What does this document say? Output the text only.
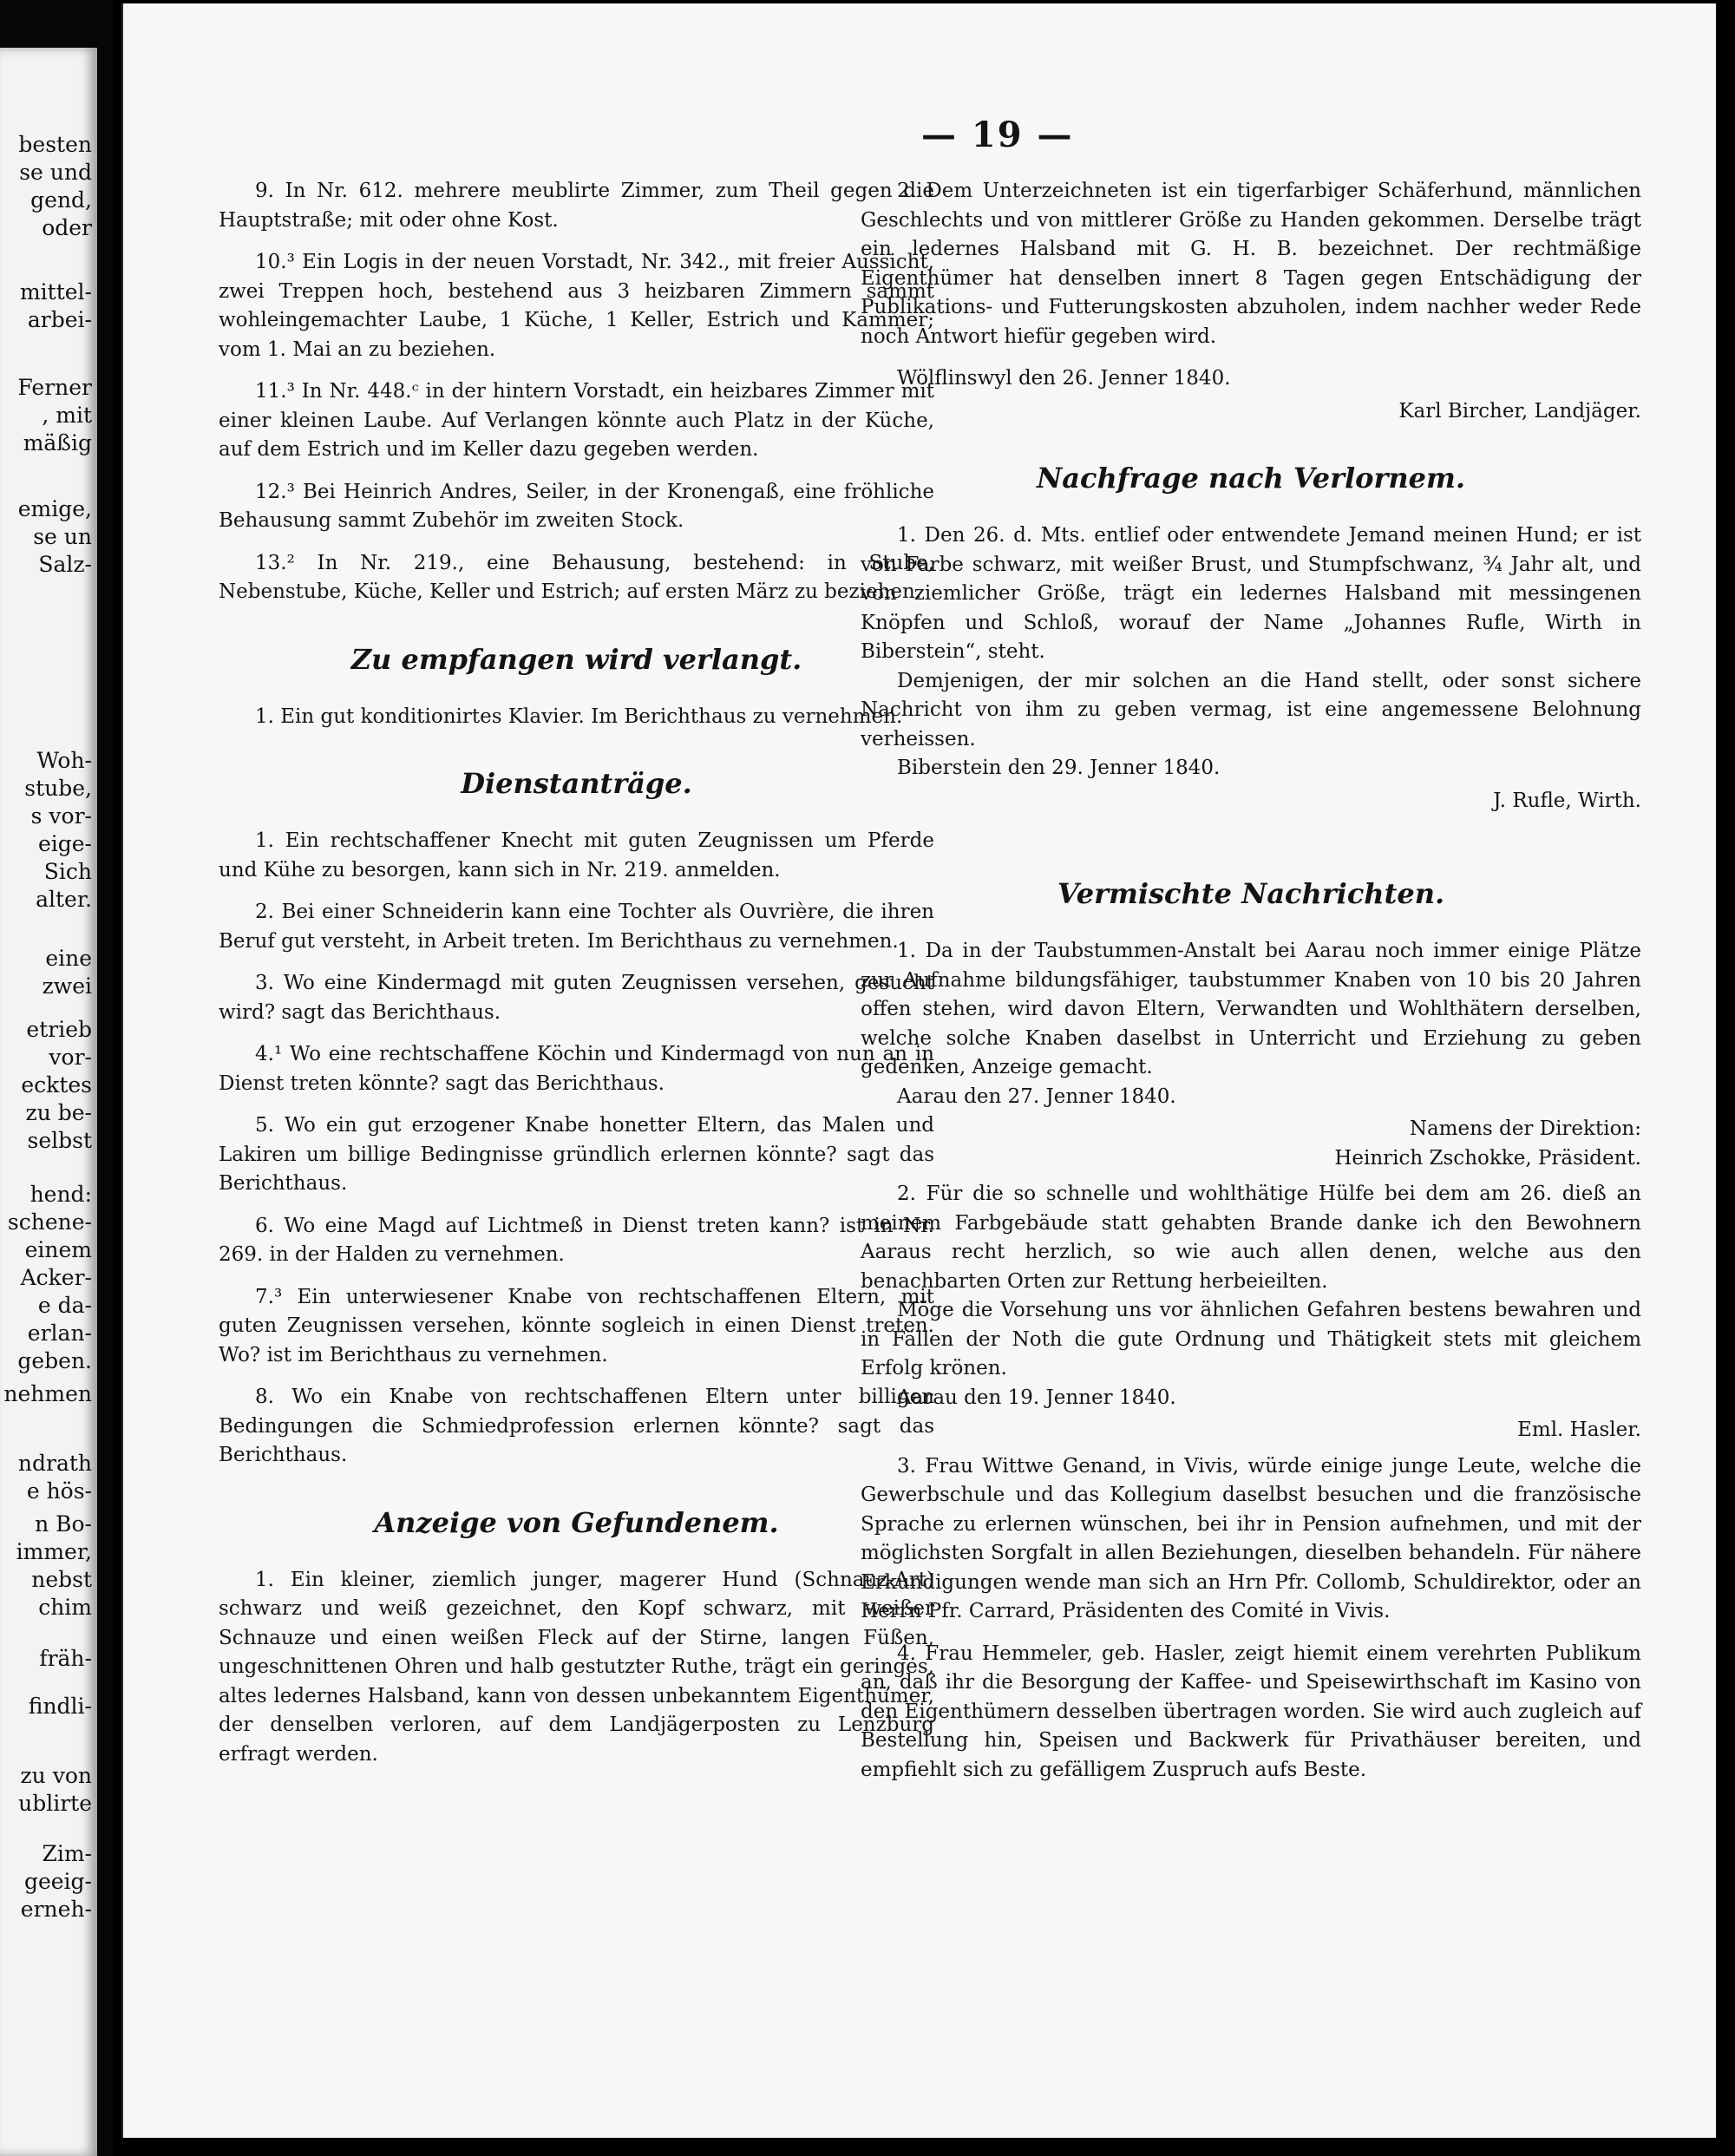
besten
se und
gend,
oder
mittel-
arbei-
Ferner
, mit
mäßig
emige,
se un
Salz-
Woh-
stube,
s vor-
eige-
Sich
alter.
eine
zwei
etrieb
vor-
ecktes
zu be-
selbst
hend:
schene-
einem
Acker-
e da-
erlan-
geben.
nehmen
ndrath
e hös-
n Bo-
immer,
nebst
chim
fräh-
findli-
zu von
ublirte
Zim-
geeig-
erneh-
— 19 —

9. In Nr. 612. mehrere meublirte Zimmer, zum Theil gegen die Hauptstraße; mit oder ohne Kost.

10.³ Ein Logis in der neuen Vorstadt, Nr. 342., mit freier Aussicht, zwei Treppen hoch, bestehend aus 3 heizbaren Zimmern sammt wohleingemachter Laube, 1 Küche, 1 Keller, Estrich und Kammer; vom 1. Mai an zu beziehen.

11.³ In Nr. 448.ᶜ in der hintern Vorstadt, ein heizbares Zimmer mit einer kleinen Laube. Auf Verlangen könnte auch Platz in der Küche, auf dem Estrich und im Keller dazu gegeben werden.

12.³ Bei Heinrich Andres, Seiler, in der Kronengaß, eine fröhliche Behausung sammt Zubehör im zweiten Stock.

13.² In Nr. 219., eine Behausung, bestehend: in Stube, Nebenstube, Küche, Keller und Estrich; auf ersten März zu beziehen.

Zu empfangen wird verlangt.

1. Ein gut konditionirtes Klavier. Im Berichthaus zu vernehmen.

Dienstanträge.

1. Ein rechtschaffener Knecht mit guten Zeugnissen um Pferde und Kühe zu besorgen, kann sich in Nr. 219. anmelden.

2. Bei einer Schneiderin kann eine Tochter als Ouvrière, die ihren Beruf gut versteht, in Arbeit treten. Im Berichthaus zu vernehmen.

3. Wo eine Kindermagd mit guten Zeugnissen versehen, gesucht wird? sagt das Berichthaus.

4.¹ Wo eine rechtschaffene Köchin und Kindermagd von nun an in Dienst treten könnte? sagt das Berichthaus.

5. Wo ein gut erzogener Knabe honetter Eltern, das Malen und Lakiren um billige Bedingnisse gründlich erlernen könnte? sagt das Berichthaus.

6. Wo eine Magd auf Lichtmeß in Dienst treten kann? ist in Nr. 269. in der Halden zu vernehmen.

7.³ Ein unterwiesener Knabe von rechtschaffenen Eltern, mit guten Zeugnissen versehen, könnte sogleich in einen Dienst treten. Wo? ist im Berichthaus zu vernehmen.

8. Wo ein Knabe von rechtschaffenen Eltern unter billigen Bedingungen die Schmiedprofession erlernen könnte? sagt das Berichthaus.

Anzeige von Gefundenem.

1. Ein kleiner, ziemlich junger, magerer Hund (Schnauz-Art) schwarz und weiß gezeichnet, den Kopf schwarz, mit weißer Schnauze und einen weißen Fleck auf der Stirne, langen Füßen, ungeschnittenen Ohren und halb gestutzter Ruthe, trägt ein geringes, altes ledernes Halsband, kann von dessen unbekanntem Eigenthümer, der denselben verloren, auf dem Landjägerposten zu Lenzburg erfragt werden.

2. Dem Unterzeichneten ist ein tigerfarbiger Schäferhund, männlichen Geschlechts und von mittlerer Größe zu Handen gekommen. Derselbe trägt ein ledernes Halsband mit G. H. B. bezeichnet. Der rechtmäßige Eigenthümer hat denselben innert 8 Tagen gegen Entschädigung der Publikations- und Futterungskosten abzuholen, indem nachher weder Rede noch Antwort hiefür gegeben wird.

Wölflinswyl den 26. Jenner 1840.

Karl Bircher, Landjäger.

Nachfrage nach Verlornem.

1. Den 26. d. Mts. entlief oder entwendete Jemand meinen Hund; er ist von Farbe schwarz, mit weißer Brust, und Stumpfschwanz, ¾ Jahr alt, und von ziemlicher Größe, trägt ein ledernes Halsband mit messingenen Knöpfen und Schloß, worauf der Name „Johannes Rufle, Wirth in Biberstein“, steht.

Demjenigen, der mir solchen an die Hand stellt, oder sonst sichere Nachricht von ihm zu geben vermag, ist eine angemessene Belohnung verheissen.

Biberstein den 29. Jenner 1840.

J. Rufle, Wirth.

Vermischte Nachrichten.

1. Da in der Taubstummen-Anstalt bei Aarau noch immer einige Plätze zur Aufnahme bildungsfähiger, taubstummer Knaben von 10 bis 20 Jahren offen stehen, wird davon Eltern, Verwandten und Wohlthätern derselben, welche solche Knaben daselbst in Unterricht und Erziehung zu geben gedenken, Anzeige gemacht.

Aarau den 27. Jenner 1840.

Namens der Direktion:

Heinrich Zschokke, Präsident.

2. Für die so schnelle und wohlthätige Hülfe bei dem am 26. dieß an meinem Farbgebäude statt gehabten Brande danke ich den Bewohnern Aaraus recht herzlich, so wie auch allen denen, welche aus den benachbarten Orten zur Rettung herbeieilten.

Möge die Vorsehung uns vor ähnlichen Gefahren bestens bewahren und in Fällen der Noth die gute Ordnung und Thätigkeit stets mit gleichem Erfolg krönen.

Aarau den 19. Jenner 1840.

Eml. Hasler.

3. Frau Wittwe Genand, in Vivis, würde einige junge Leute, welche die Gewerbschule und das Kollegium daselbst besuchen und die französische Sprache zu erlernen wünschen, bei ihr in Pension aufnehmen, und mit der möglichsten Sorgfalt in allen Beziehungen, dieselben behandeln. Für nähere Erkundigungen wende man sich an Hrn Pfr. Collomb, Schuldirektor, oder an Herrn Pfr. Carrard, Präsidenten des Comité in Vivis.

4. Frau Hemmeler, geb. Hasler, zeigt hiemit einem verehrten Publikum an, daß ihr die Besorgung der Kaffee- und Speisewirthschaft im Kasino von den Eigenthümern desselben übertragen worden. Sie wird auch zugleich auf Bestellung hin, Speisen und Backwerk für Privathäuser bereiten, und empfiehlt sich zu gefälligem Zuspruch aufs Beste.
